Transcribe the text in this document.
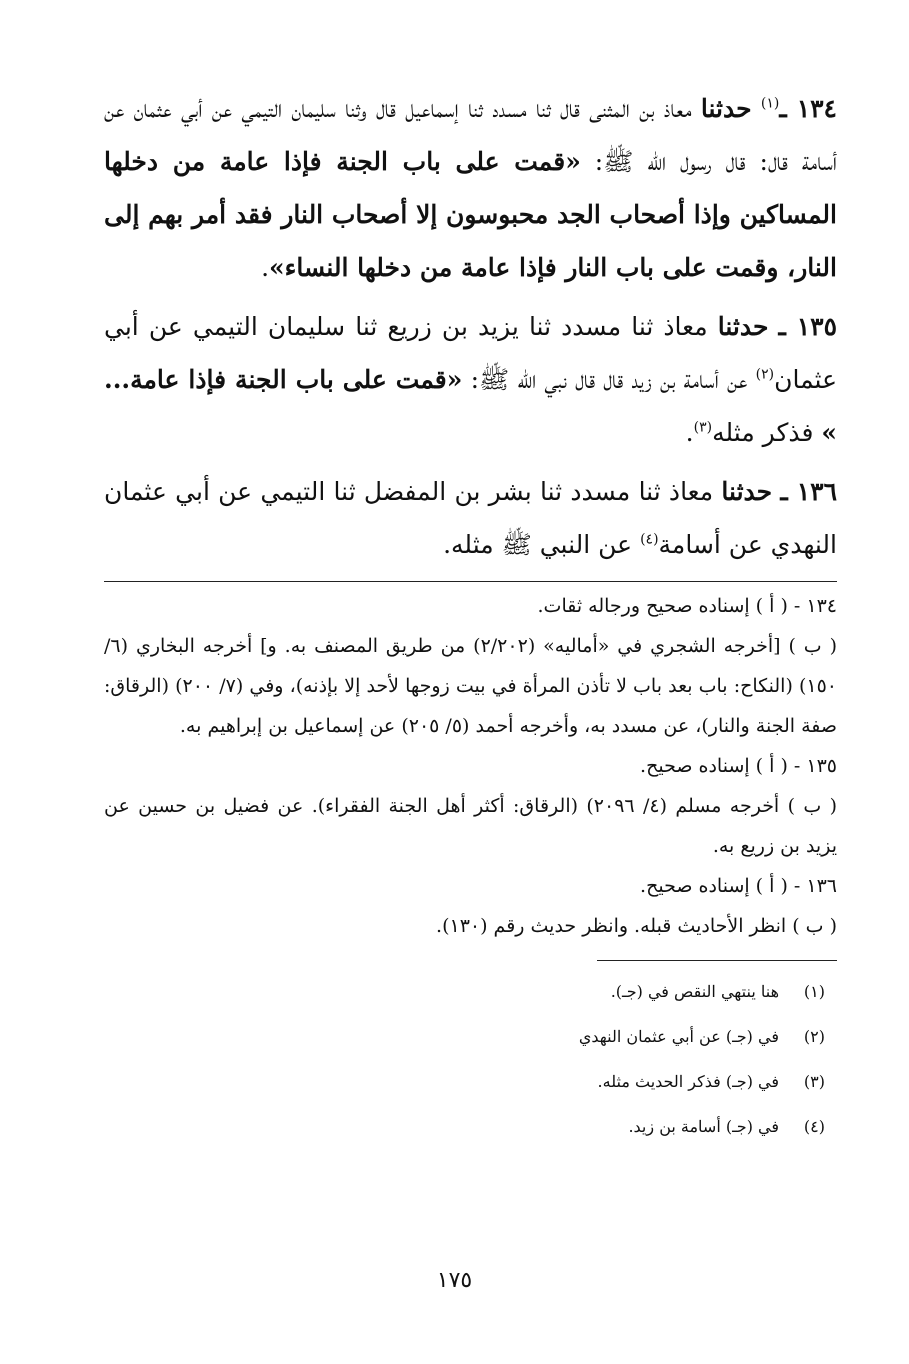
١٣٤ ـ$^{(١)}$ حدثنا معاذ بن المثنى قال ثنا مسدد ثنا إسماعيل قال وثنا سليمان التيمي عن أبي عثمان عن أسامة قال: قال رسول الله ﷺ: «قمت على باب الجنة فإذا عامة من دخلها المساكين وإذا أصحاب الجد محبوسون إلا أصحاب النار فقد أمر بهم إلى النار، وقمت على باب النار فإذا عامة من دخلها النساء».

١٣٥ ـ حدثنا معاذ ثنا مسدد ثنا يزيد بن زريع ثنا سليمان التيمي عن أبي عثمان$^{(٢)}$ عن أسامة بن زيد قال قال نبي الله ﷺ: «قمت على باب الجنة فإذا عامة... » فذكر مثله$^{(٣)}$.

١٣٦ ـ حدثنا معاذ ثنا مسدد ثنا بشر بن المفضل ثنا التيمي عن أبي عثمان النهدي عن أسامة$^{(٤)}$ عن النبي ﷺ مثله.

١٣٤ - ( أ ) إسناده صحيح ورجاله ثقات.

( ب ) [أخرجه الشجري في «أماليه» (٢/٢٠٢) من طريق المصنف به. و] أخرجه البخاري (٦/ ١٥٠) (النكاح: باب بعد باب لا تأذن المرأة في بيت زوجها لأحد إلا بإذنه)، وفي (٧/ ٢٠٠) (الرقاق: صفة الجنة والنار)، عن مسدد به، وأخرجه أحمد (٥/ ٢٠٥) عن إسماعيل بن إبراهيم به.

١٣٥ - ( أ ) إسناده صحيح.

( ب ) أخرجه مسلم (٤/ ٢٠٩٦) (الرقاق: أكثر أهل الجنة الفقراء). عن فضيل بن حسين عن يزيد بن زريع به.

١٣٦ - ( أ ) إسناده صحيح.

( ب ) انظر الأحاديث قبله. وانظر حديث رقم (١٣٠).

(١)هنا ينتهي النقص في (جـ).

(٢)في (جـ) عن أبي عثمان النهدي

(٣)في (جـ) فذكر الحديث مثله.

(٤)في (جـ) أسامة بن زيد.

١٧٥
